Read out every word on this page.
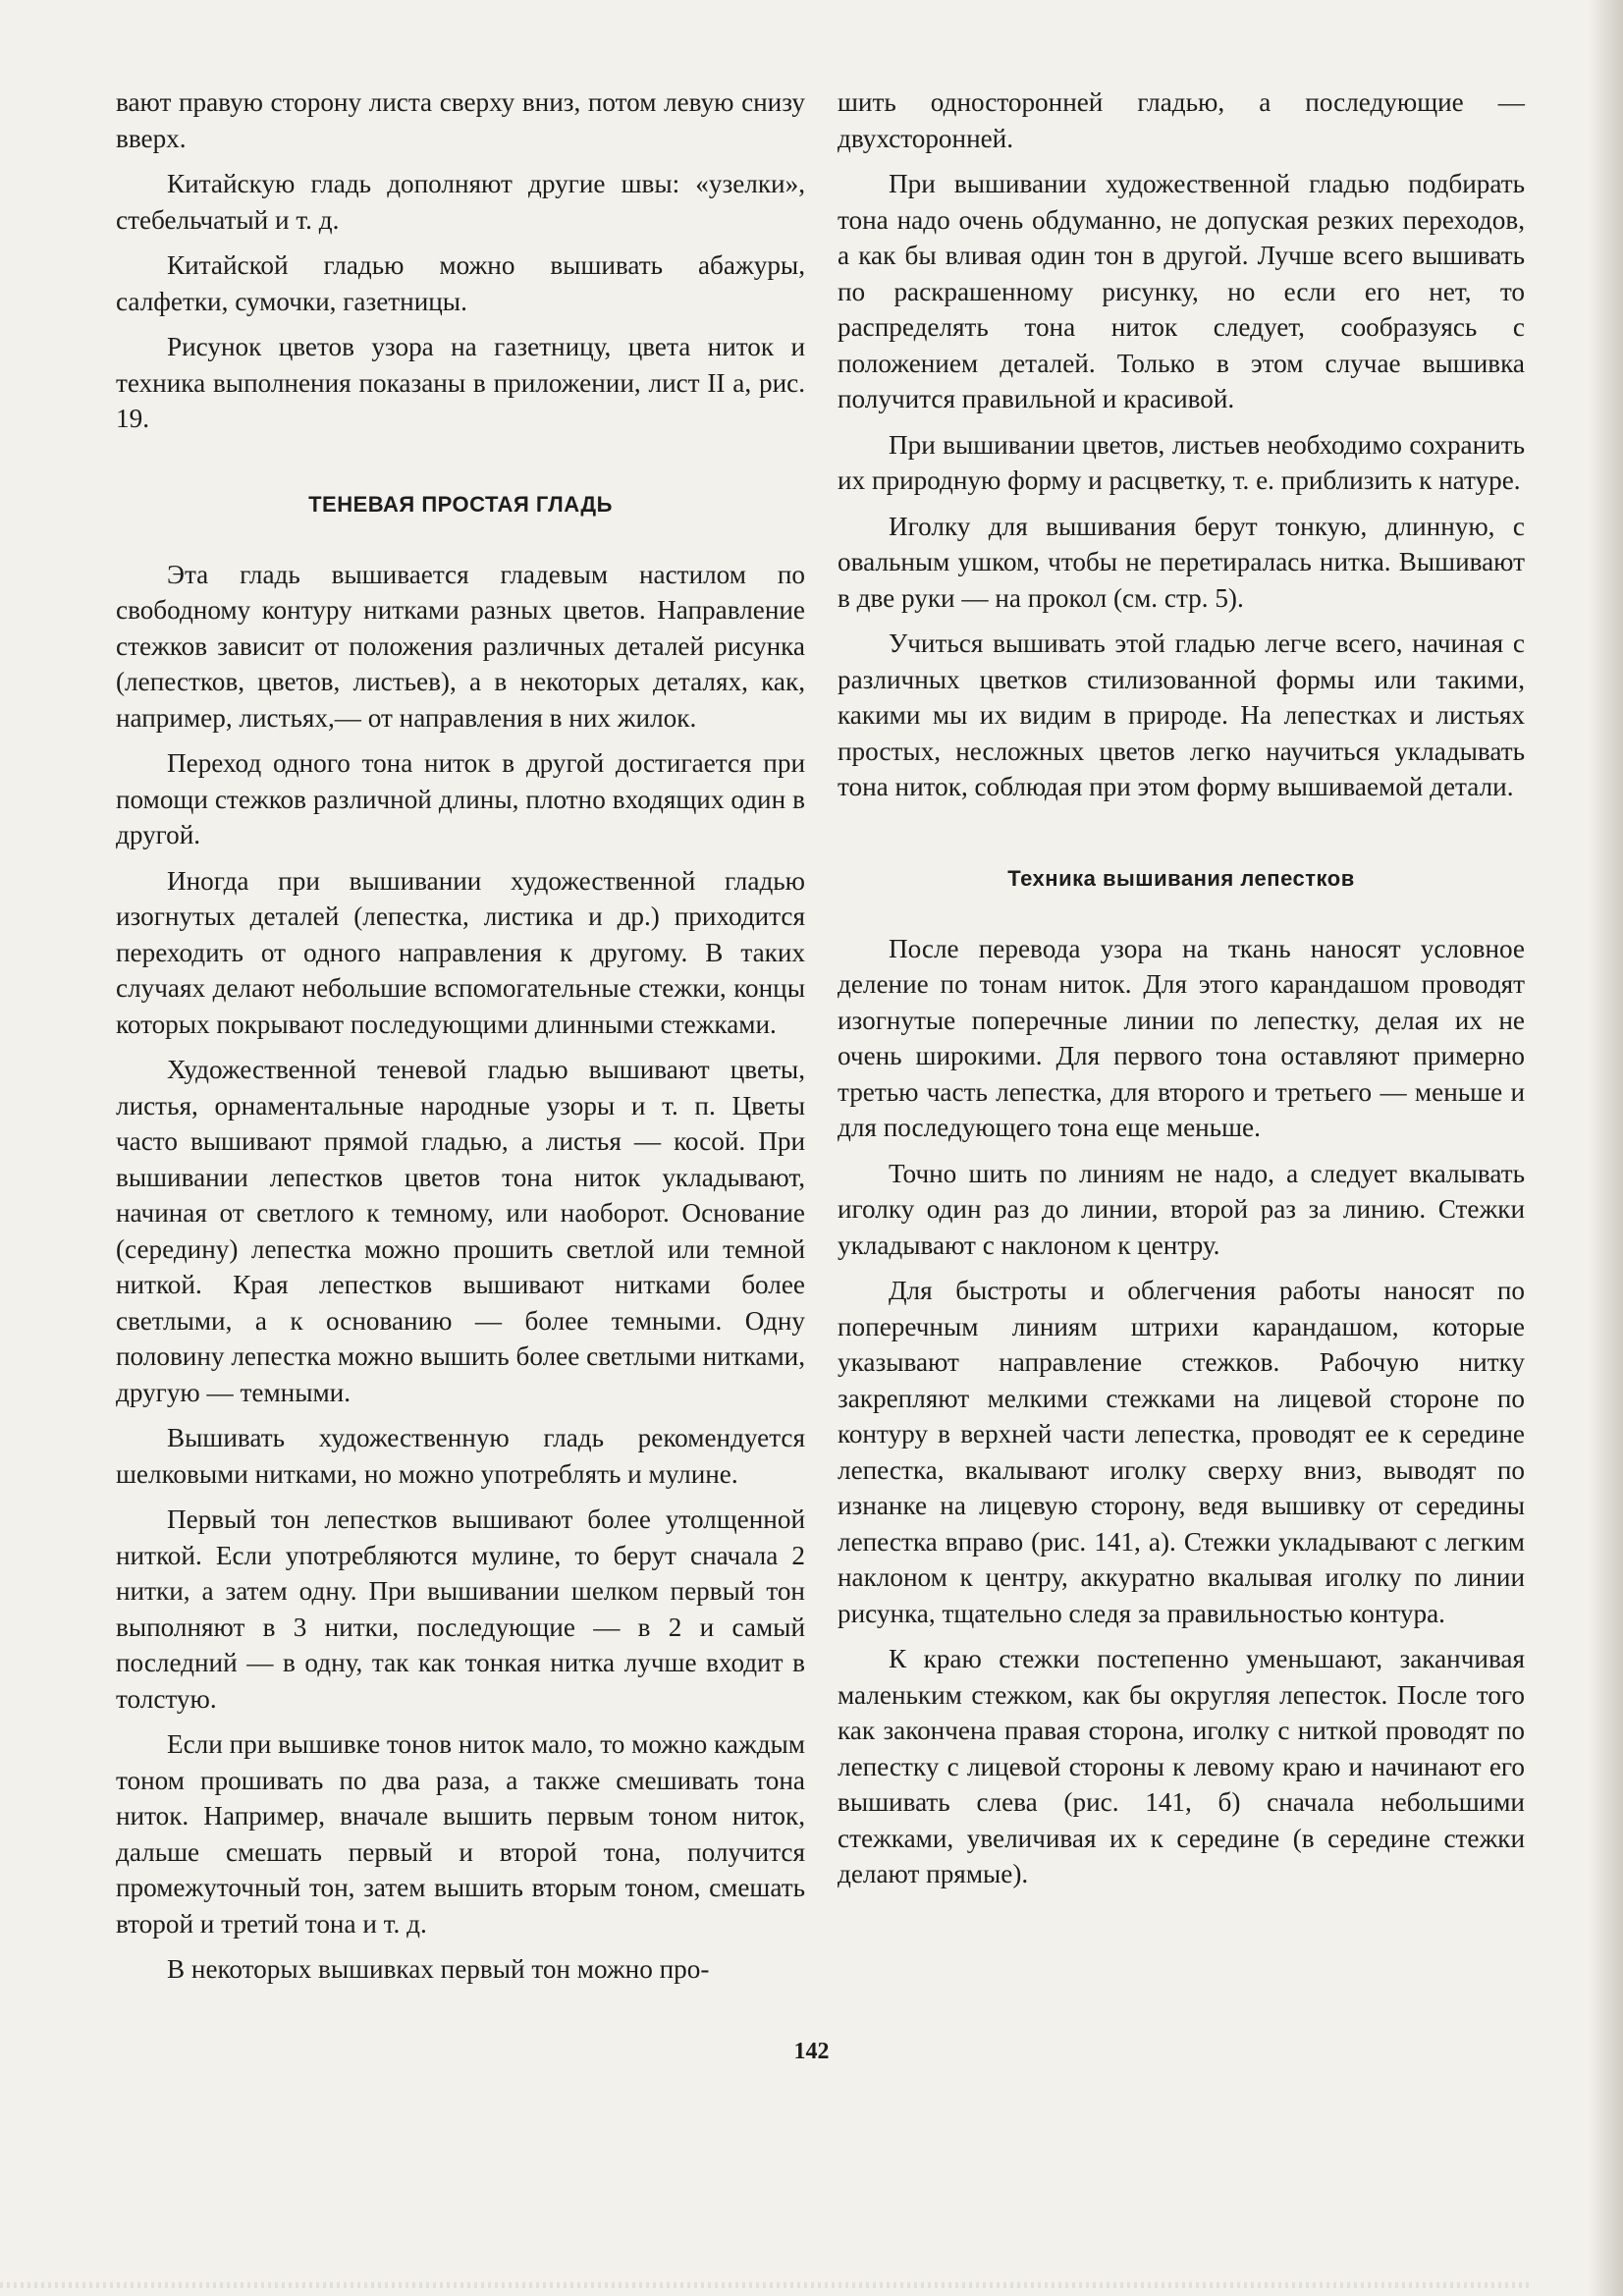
вают правую сторону листа сверху вниз, потом левую снизу вверх.

Китайскую гладь дополняют другие швы: «узелки», стебельчатый и т. д.

Китайской гладью можно вышивать абажуры, салфетки, сумочки, газетницы.

Рисунок цветов узора на газетницу, цвета ниток и техника выполнения показаны в приложении, лист II а, рис. 19.

ТЕНЕВАЯ ПРОСТАЯ ГЛАДЬ

Эта гладь вышивается гладевым настилом по свободному контуру нитками разных цветов. Направление стежков зависит от положения различных деталей рисунка (лепестков, цветов, листьев), а в некоторых деталях, как, например, листьях,— от направления в них жилок.

Переход одного тона ниток в другой достигается при помощи стежков различной длины, плотно входящих один в другой.

Иногда при вышивании художественной гладью изогнутых деталей (лепестка, листика и др.) приходится переходить от одного направления к другому. В таких случаях делают небольшие вспомогательные стежки, концы которых покрывают последующими длинными стежками.

Художественной теневой гладью вышивают цветы, листья, орнаментальные народные узоры и т. п. Цветы часто вышивают прямой гладью, а листья — косой. При вышивании лепестков цветов тона ниток укладывают, начиная от светлого к темному, или наоборот. Основание (середину) лепестка можно прошить светлой или темной ниткой. Края лепестков вышивают нитками более светлыми, а к основанию — более темными. Одну половину лепестка можно вышить более светлыми нитками, другую — темными.

Вышивать художественную гладь рекомендуется шелковыми нитками, но можно употреблять и мулине.

Первый тон лепестков вышивают более утолщенной ниткой. Если употребляются мулине, то берут сначала 2 нитки, а затем одну. При вышивании шелком первый тон выполняют в 3 нитки, последующие — в 2 и самый последний — в одну, так как тонкая нитка лучше входит в толстую.

Если при вышивке тонов ниток мало, то можно каждым тоном прошивать по два раза, а также смешивать тона ниток. Например, вначале вышить первым тоном ниток, дальше смешать первый и второй тона, получится промежуточный тон, затем вышить вторым тоном, смешать второй и третий тона и т. д.

В некоторых вышивках первый тон можно про-

шить односторонней гладью, а последующие — двухсторонней.

При вышивании художественной гладью подбирать тона надо очень обдуманно, не допуская резких переходов, а как бы вливая один тон в другой. Лучше всего вышивать по раскрашенному рисунку, но если его нет, то распределять тона ниток следует, сообразуясь с положением деталей. Только в этом случае вышивка получится правильной и красивой.

При вышивании цветов, листьев необходимо сохранить их природную форму и расцветку, т. е. приблизить к натуре.

Иголку для вышивания берут тонкую, длинную, с овальным ушком, чтобы не перетиралась нитка. Вышивают в две руки — на прокол (см. стр. 5).

Учиться вышивать этой гладью легче всего, начиная с различных цветков стилизованной формы или такими, какими мы их видим в природе. На лепестках и листьях простых, несложных цветов легко научиться укладывать тона ниток, соблюдая при этом форму вышиваемой детали.

Техника вышивания лепестков

После перевода узора на ткань наносят условное деление по тонам ниток. Для этого карандашом проводят изогнутые поперечные линии по лепестку, делая их не очень широкими. Для первого тона оставляют примерно третью часть лепестка, для второго и третьего — меньше и для последующего тона еще меньше.

Точно шить по линиям не надо, а следует вкалывать иголку один раз до линии, второй раз за линию. Стежки укладывают с наклоном к центру.

Для быстроты и облегчения работы наносят по поперечным линиям штрихи карандашом, которые указывают направление стежков. Рабочую нитку закрепляют мелкими стежками на лицевой стороне по контуру в верхней части лепестка, проводят ее к середине лепестка, вкалывают иголку сверху вниз, выводят по изнанке на лицевую сторону, ведя вышивку от середины лепестка вправо (рис. 141, а). Стежки укладывают с легким наклоном к центру, аккуратно вкалывая иголку по линии рисунка, тщательно следя за правильностью контура.

К краю стежки постепенно уменьшают, заканчивая маленьким стежком, как бы округляя лепесток. После того как закончена правая сторона, иголку с ниткой проводят по лепестку с лицевой стороны к левому краю и начинают его вышивать слева (рис. 141, б) сначала небольшими стежками, увеличивая их к середине (в середине стежки делают прямые).

142
